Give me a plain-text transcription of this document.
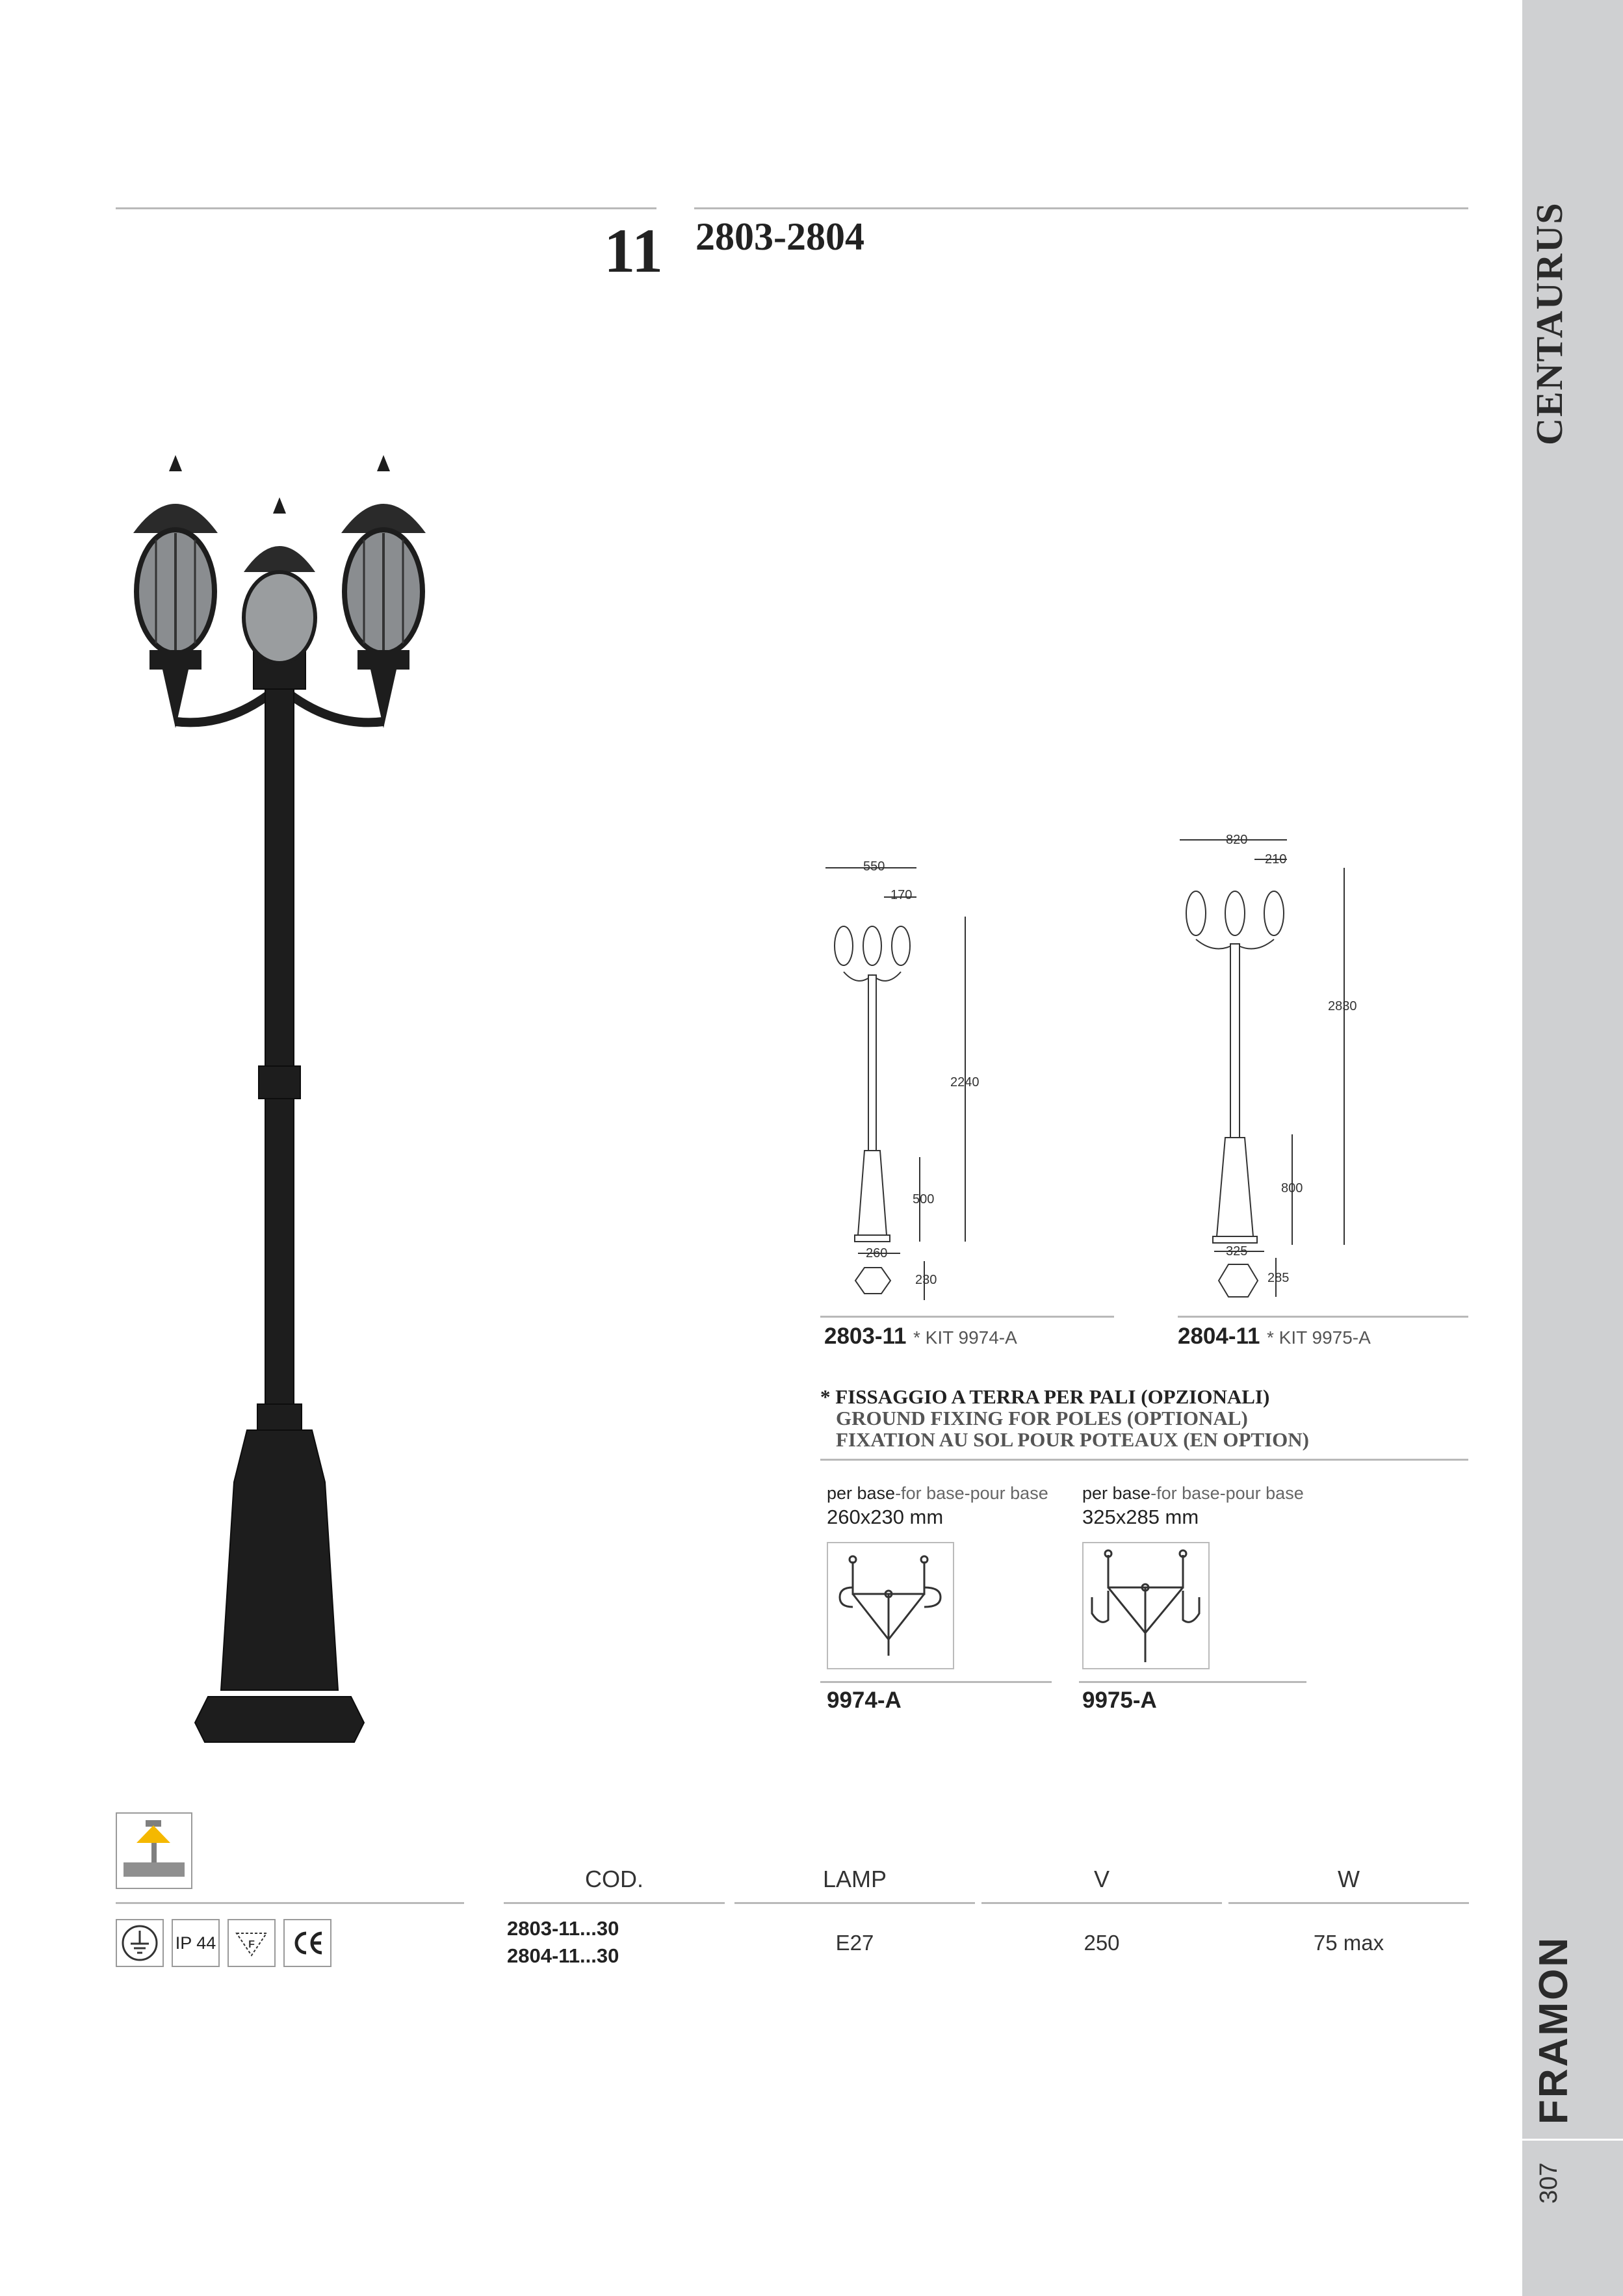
11 2803-2804	CENTAURUS
FRAMON
307
550
170
2240
500
260
230
820
210
2830
800
325
285
2803-11 * KIT 9974-A	2804-11 * KIT 9975-A
* FISSAGGIO A TERRA PER PALI (OPZIONALI)
GROUND FIXING FOR POLES (OPTIONAL)
FIXATION AU SOL POUR POTEAUX (EN OPTION)
per base-for base-pour base
260x230 mm
9974-A
per base-for base-pour base
325x285 mm
9975-A
COD.	LAMP	V	W
2803-11...30
2804-11...30
E27	250	75 max
IP 44	F
